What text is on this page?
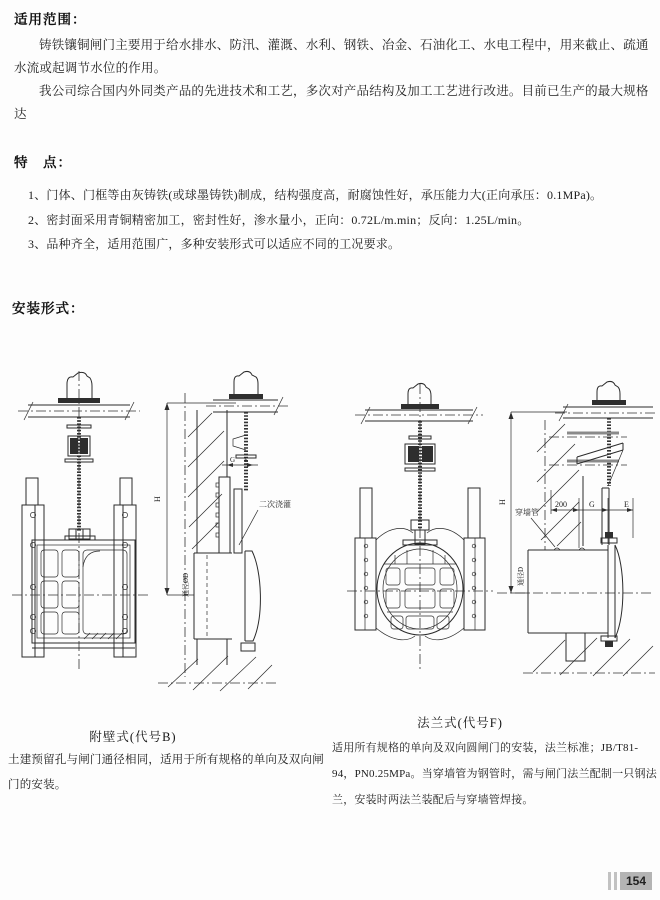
适用范围：

铸铁镶铜闸门主要用于给水排水、防汛、灌溉、水利、钢铁、冶金、石油化工、水电工程中，用来截止、疏通水流或起调节水位的作用。

我公司综合国内外同类产品的先进技术和工艺，多次对产品结构及加工工艺进行改进。目前已生产的最大规格达

特　点：
1、门体、门框等由灰铸铁(或球墨铸铁)制成，结构强度高，耐腐蚀性好，承压能力大(正向承压：0.1MPa)。
2、密封面采用青铜精密加工，密封性好，渗水量小，正向：0.72L/m.min；反向：1.25L/min。
3、品种齐全，适用范围广，多种安装形式可以适应不同的工况要求。
安装形式：
H
G E
二次浇灌
通径ØD
H	200	G	E
穿墙管
通径D
附壁式(代号B)
土建预留孔与闸门通径相同，适用于所有规格的单向及双向闸门的安装。
法兰式(代号F)
适用所有规格的单向及双向圆闸门的安装，法兰标准；JB/T81-94，PN0.25MPa。当穿墙管为钢管时，需与闸门法兰配制一只钢法兰，安装时两法兰装配后与穿墙管焊接。
154
